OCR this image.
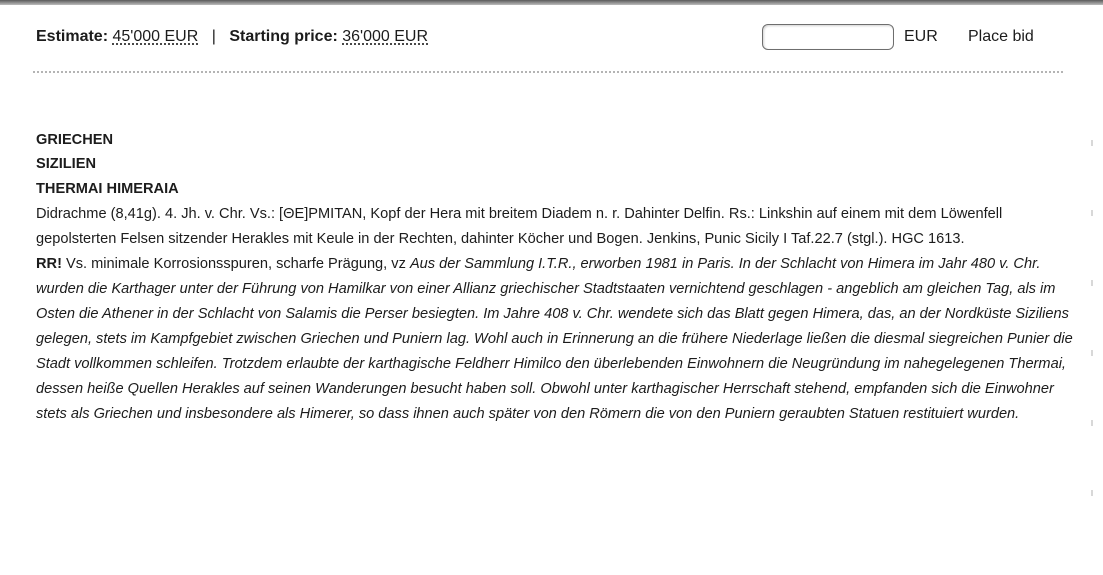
Estimate: 45'000 EUR | Starting price: 36'000 EUR	EUR Place bid
GRIECHEN
SIZILIEN
THERMAI HIMERAIA

Didrachme (8,41g). 4. Jh. v. Chr. Vs.: [ΘΕ]ΡΜΙΤΑΝ, Kopf der Hera mit breitem Diadem n. r. Dahinter Delfin. Rs.: Linkshin auf einem mit dem Löwenfell gepolsterten Felsen sitzender Herakles mit Keule in der Rechten, dahinter Köcher und Bogen. Jenkins, Punic Sicily I Taf.22.7 (stgl.). HGC 1613.

RR! Vs. minimale Korrosionsspuren, scharfe Prägung, vz Aus der Sammlung I.T.R., erworben 1981 in Paris. In der Schlacht von Himera im Jahr 480 v. Chr. wurden die Karthager unter der Führung von Hamilkar von einer Allianz griechischer Stadtstaaten vernichtend geschlagen - angeblich am gleichen Tag, als im Osten die Athener in der Schlacht von Salamis die Perser besiegten. Im Jahre 408 v. Chr. wendete sich das Blatt gegen Himera, das, an der Nordküste Siziliens gelegen, stets im Kampfgebiet zwischen Griechen und Puniern lag. Wohl auch in Erinnerung an die frühere Niederlage ließen die diesmal siegreichen Punier die Stadt vollkommen schleifen. Trotzdem erlaubte der karthagische Feldherr Himilco den überlebenden Einwohnern die Neugründung im nahegelegenen Thermai, dessen heiße Quellen Herakles auf seinen Wanderungen besucht haben soll. Obwohl unter karthagischer Herrschaft stehend, empfanden sich die Einwohner stets als Griechen und insbesondere als Himerer, so dass ihnen auch später von den Römern die von den Puniern geraubten Statuen restituiert wurden.
